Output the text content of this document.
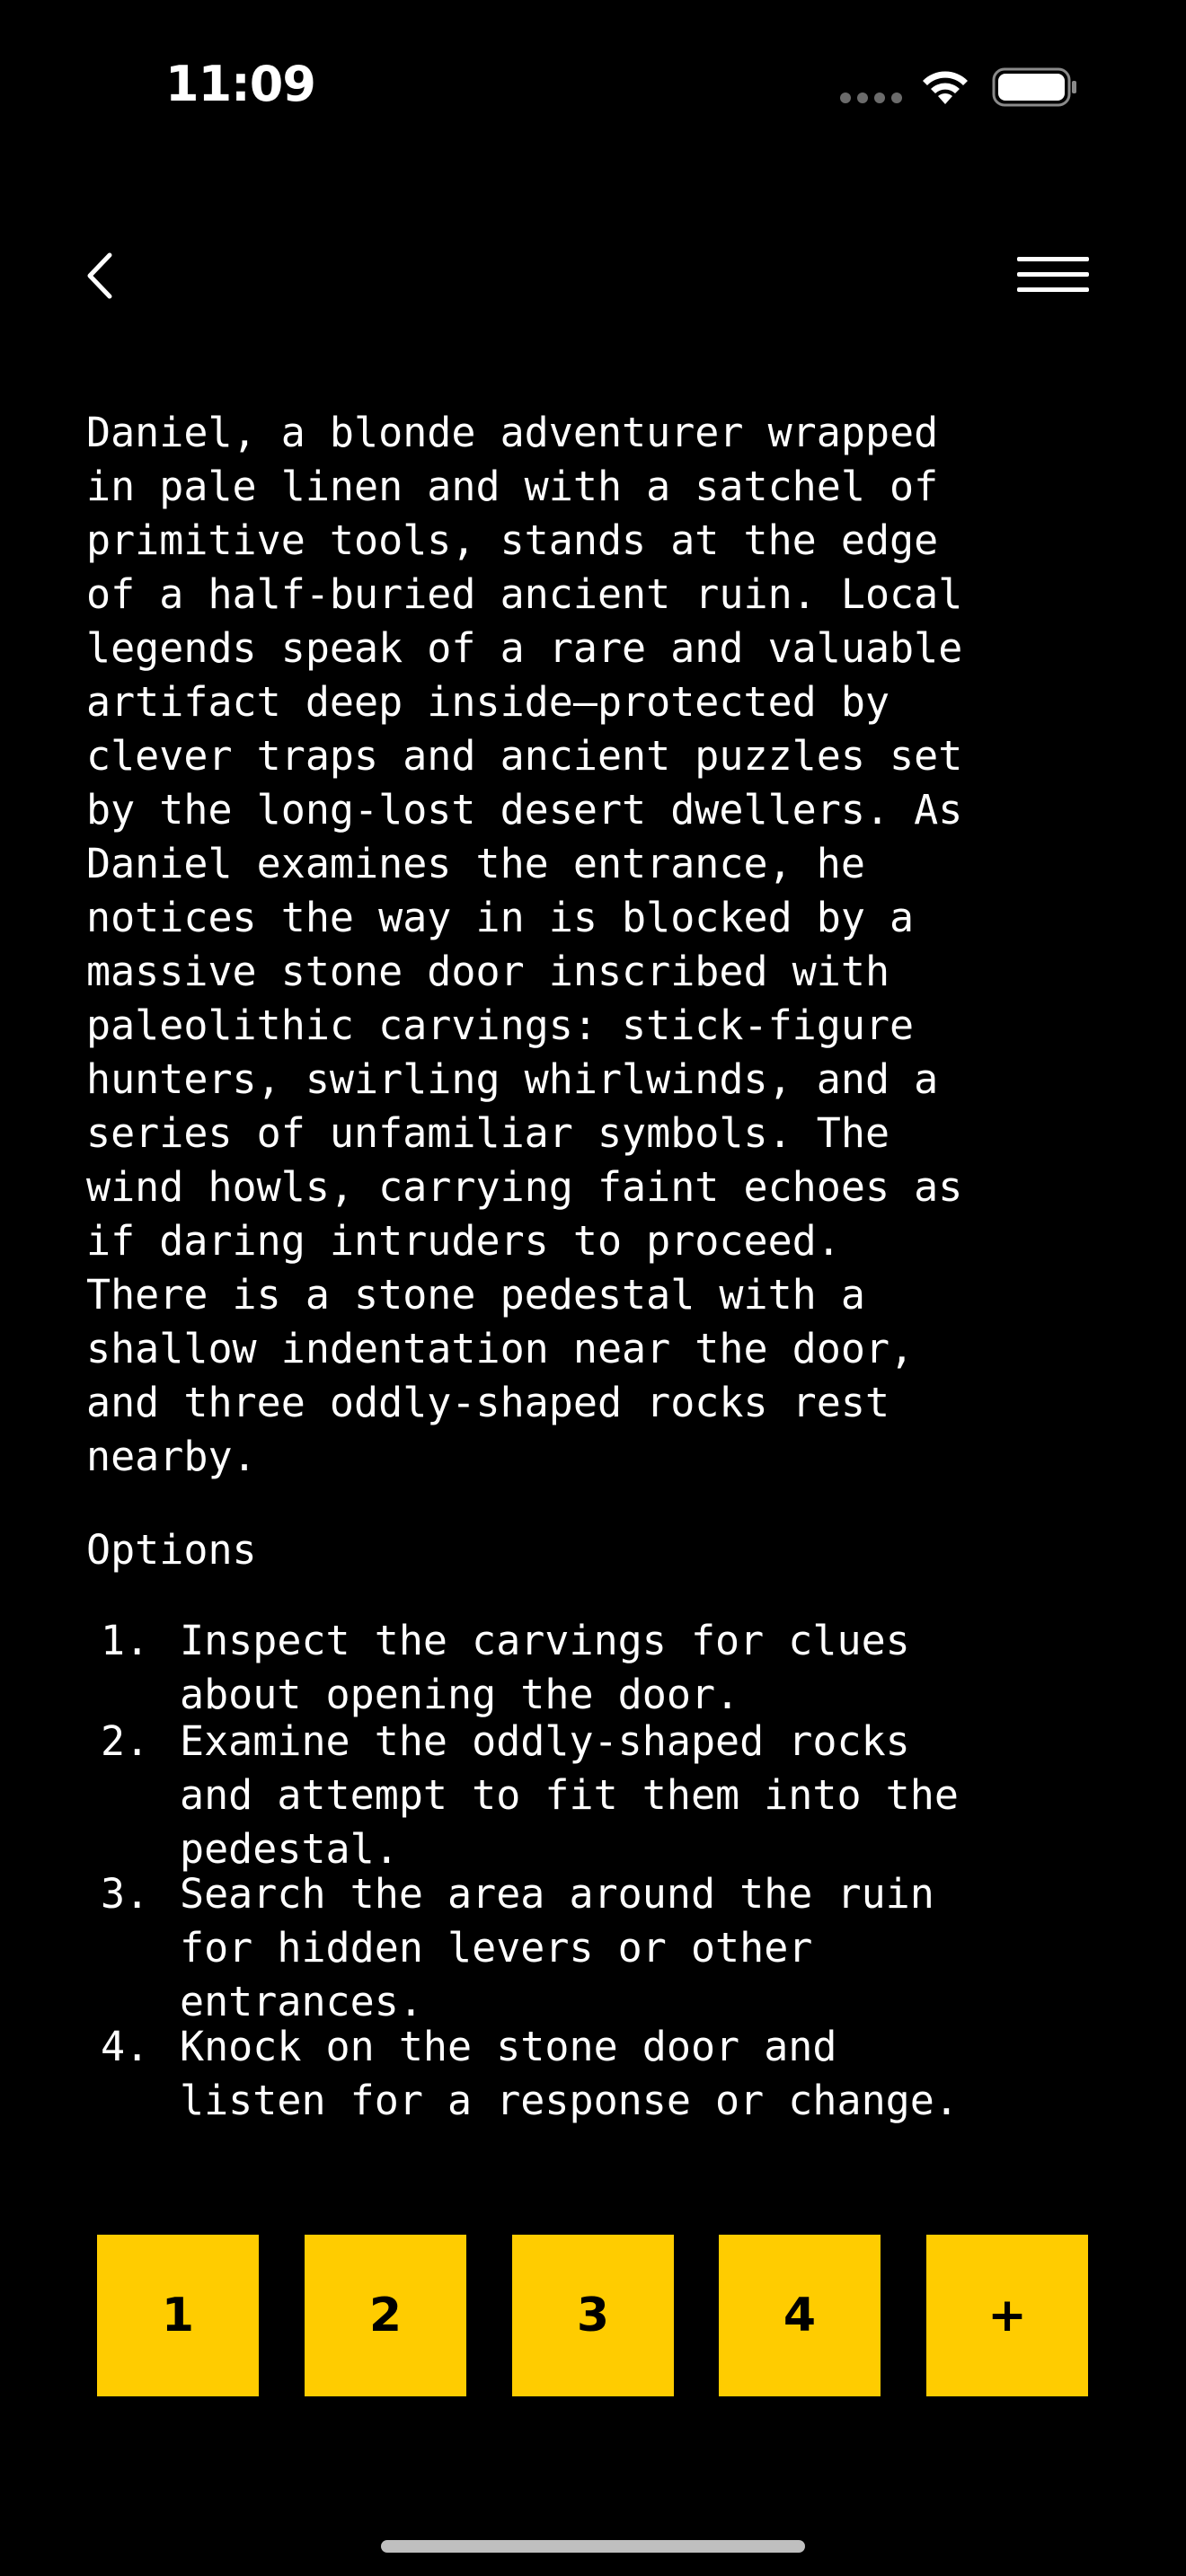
11:09

Daniel, a blonde adventurer wrapped
in pale linen and with a satchel of
primitive tools, stands at the edge
of a half-buried ancient ruin. Local
legends speak of a rare and valuable
artifact deep inside—protected by
clever traps and ancient puzzles set
by the long-lost desert dwellers. As
Daniel examines the entrance, he
notices the way in is blocked by a
massive stone door inscribed with
paleolithic carvings: stick-figure
hunters, swirling whirlwinds, and a
series of unfamiliar symbols. The
wind howls, carrying faint echoes as
if daring intruders to proceed.
There is a stone pedestal with a
shallow indentation near the door,
and three oddly-shaped rocks rest
nearby.

Options

1. Inspect the carvings for clues
about opening the door.
2. Examine the oddly-shaped rocks
and attempt to fit them into the
pedestal.
3. Search the area around the ruin
for hidden levers or other
entrances.
4. Knock on the stone door and
listen for a response or change.
1	2	3	4	+
